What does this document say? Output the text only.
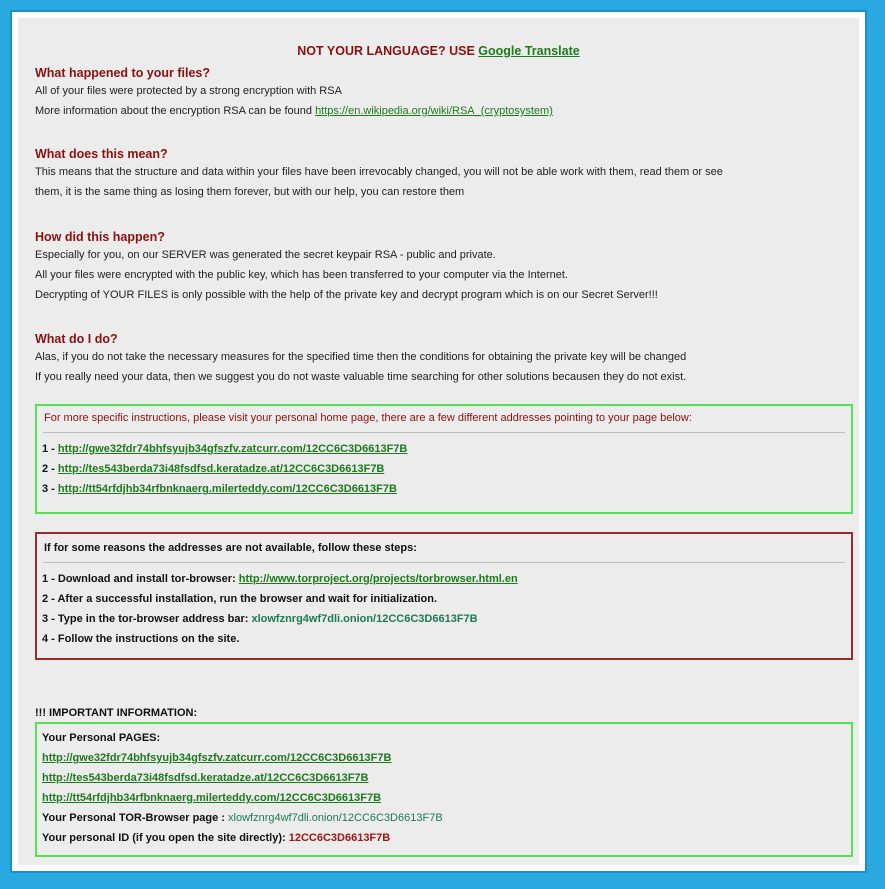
NOT YOUR LANGUAGE? USE Google Translate
What happened to your files?

All of your files were protected by a strong encryption with RSA

More information about the encryption RSA can be found https://en.wikipedia.org/wiki/RSA_(cryptosystem)

What does this mean?

This means that the structure and data within your files have been irrevocably changed, you will not be able work with them, read them or see

them, it is the same thing as losing them forever, but with our help, you can restore them

How did this happen?

Especially for you, on our SERVER was generated the secret keypair RSA - public and private.

All your files were encrypted with the public key, which has been transferred to your computer via the Internet.

Decrypting of YOUR FILES is only possible with the help of the private key and decrypt program which is on our Secret Server!!!

What do I do?

Alas, if you do not take the necessary measures for the specified time then the conditions for obtaining the private key will be changed

If you really need your data, then we suggest you do not waste valuable time searching for other solutions becausen they do not exist.

For more specific instructions, please visit your personal home page, there are a few different addresses pointing to your page below:
1 - http://gwe32fdr74bhfsyujb34gfszfv.zatcurr.com/12CC6C3D6613F7B
2 - http://tes543berda73i48fsdfsd.keratadze.at/12CC6C3D6613F7B
3 - http://tt54rfdjhb34rfbnknaerg.milerteddy.com/12CC6C3D6613F7B
If for some reasons the addresses are not available, follow these steps:
1 - Download and install tor-browser: http://www.torproject.org/projects/torbrowser.html.en
2 - After a successful installation, run the browser and wait for initialization.
3 - Type in the tor-browser address bar: xlowfznrg4wf7dli.onion/12CC6C3D6613F7B
4 - Follow the instructions on the site.
!!! IMPORTANT INFORMATION:
Your Personal PAGES:
http://gwe32fdr74bhfsyujb34gfszfv.zatcurr.com/12CC6C3D6613F7B
http://tes543berda73i48fsdfsd.keratadze.at/12CC6C3D6613F7B
http://tt54rfdjhb34rfbnknaerg.milerteddy.com/12CC6C3D6613F7B
Your Personal TOR-Browser page : xlowfznrg4wf7dli.onion/12CC6C3D6613F7B
Your personal ID (if you open the site directly): 12CC6C3D6613F7B
